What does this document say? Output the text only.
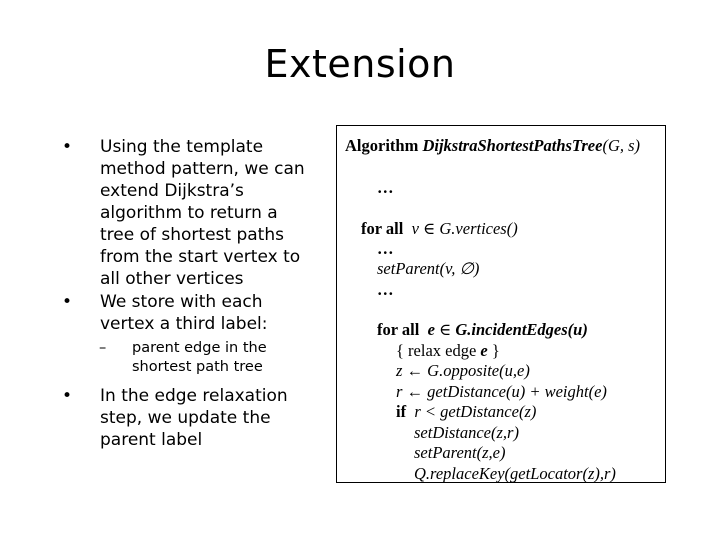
Extension
• Using the template
method pattern, we can
extend Dijkstra’s
algorithm to return a
tree of shortest paths
from the start vertex to
all other vertices
• We store with each
vertex a third label:
– parent edge in the
shortest path tree
• In the edge relaxation
step, we update the
parent label
Algorithm DijkstraShortestPathsTree(G, s)
…
for all v ∈ G.vertices()
…
setParent(v, ∅)
…
for all e ∈ G.incidentEdges(u)
{ relax edge e }
z ← G.opposite(u,e)
r ← getDistance(u) + weight(e)
if r < getDistance(z)
setDistance(z,r)
setParent(z,e)
Q.replaceKey(getLocator(z),r)
